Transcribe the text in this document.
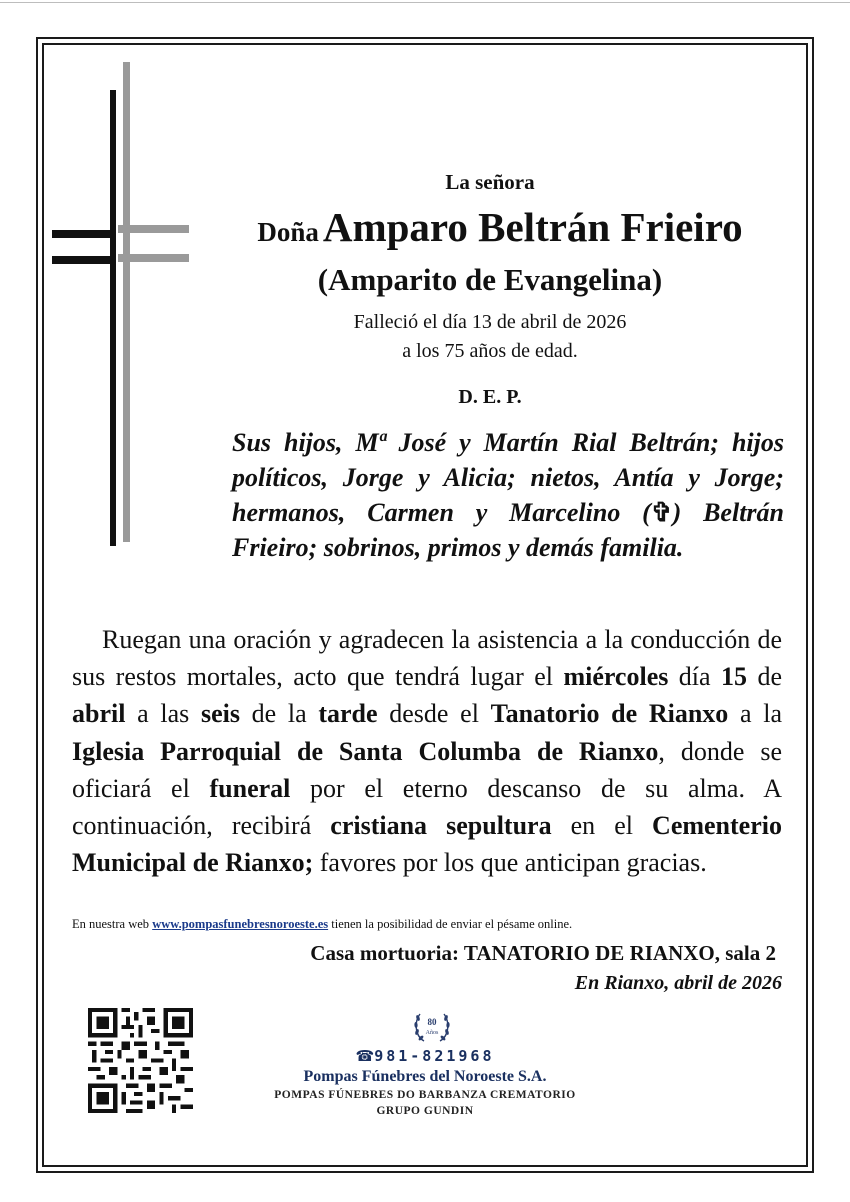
La señora
Doña Amparo Beltrán Frieiro
(Amparito de Evangelina)
Falleció el día 13 de abril de 2026
a los 75 años de edad.
D. E. P.
Sus hijos, Mª José y Martín Rial Beltrán; hijos políticos, Jorge y Alicia; nietos, Antía y Jorge; hermanos, Carmen y Marcelino (✞) Beltrán Frieiro; sobrinos, primos y demás familia.
Ruegan una oración y agradecen la asistencia a la conducción de sus restos mortales, acto que tendrá lugar el miércoles día 15 de abril a las seis de la tarde desde el Tanatorio de Rianxo a la Iglesia Parroquial de Santa Columba de Rianxo, donde se oficiará el funeral por el eterno descanso de su alma. A continuación, recibirá cristiana sepultura en el Cementerio Municipal de Rianxo; favores por los que anticipan gracias.
En nuestra web www.pompasfunebresnoroeste.es tienen la posibilidad de enviar el pésame online.
Casa mortuoria: TANATORIO DE RIANXO, sala 2
En Rianxo, abril de 2026
80
Años
☎981-821968
Pompas Fúnebres del Noroeste S.A.
POMPAS FÚNEBRES DO BARBANZA CREMATORIO
GRUPO GUNDIN
